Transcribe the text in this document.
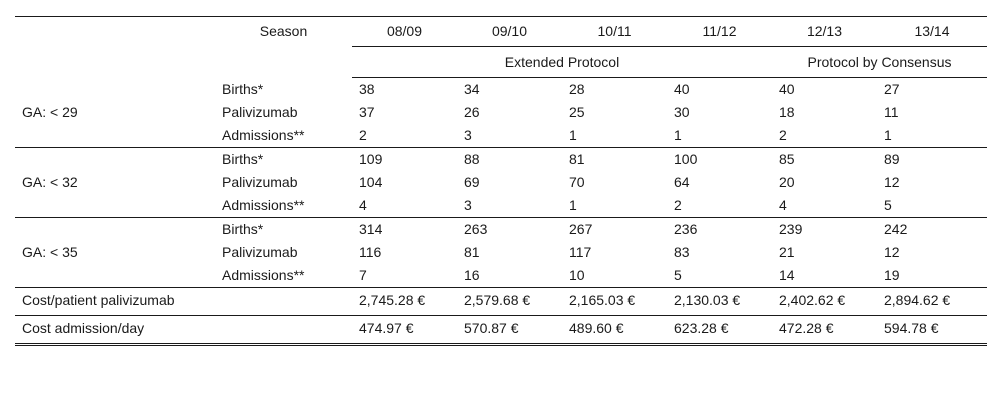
	Season	08/09	09/10	10/11	11/12	12/13	13/14
		Extended Protocol				Protocol by Consensus	
GA: < 29	Births*	38	34	28	40	40	27
	Palivizumab	37	26	25	30	18	11
	Admissions**	2	3	1	1	2	1
GA: < 32	Births*	109	88	81	100	85	89
	Palivizumab	104	69	70	64	20	12
	Admissions**	4	3	1	2	4	5
GA: < 35	Births*	314	263	267	236	239	242
	Palivizumab	116	81	117	83	21	12
	Admissions**	7	16	10	5	14	19
Cost/patient palivizumab		2,745.28 €	2,579.68 €	2,165.03 €	2,130.03 €	2,402.62 €	2,894.62 €
Cost admission/day		474.97 €	570.87 €	489.60 €	623.28 €	472.28 €	594.78 €
